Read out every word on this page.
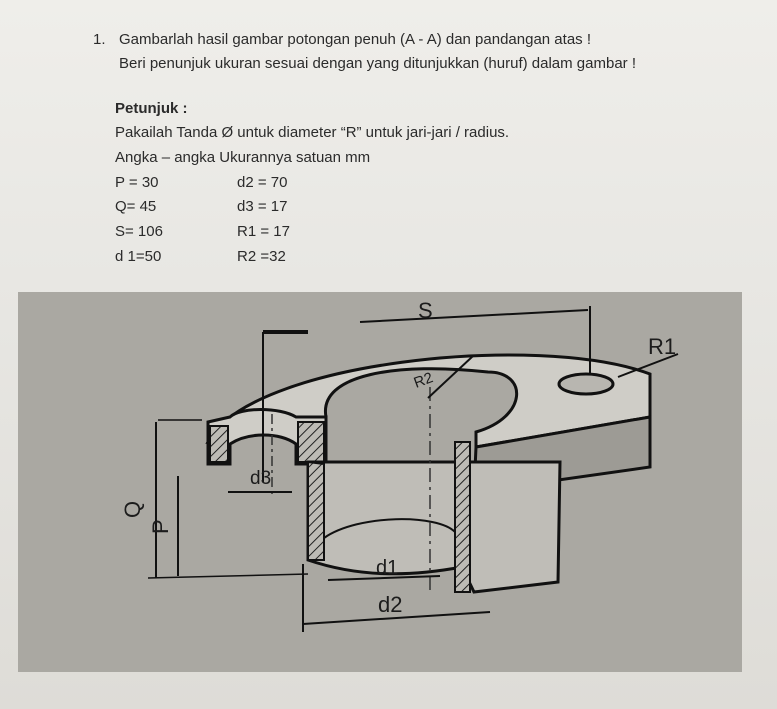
1. Gambarlah hasil gambar potongan penuh (A - A) dan pandangan atas !
Beri penunjuk ukuran sesuai dengan yang ditunjukkan (huruf) dalam gambar !
Petunjuk :
Pakailah Tanda Ø untuk diameter “R” untuk jari-jari / radius.
Angka – angka Ukurannya satuan mm
P = 30	d2 = 70
Q= 45	d3 = 17
S= 106	R1 = 17
d 1=50	R2 =32
S
R1
R2
d3
Q
P
d1
d2
